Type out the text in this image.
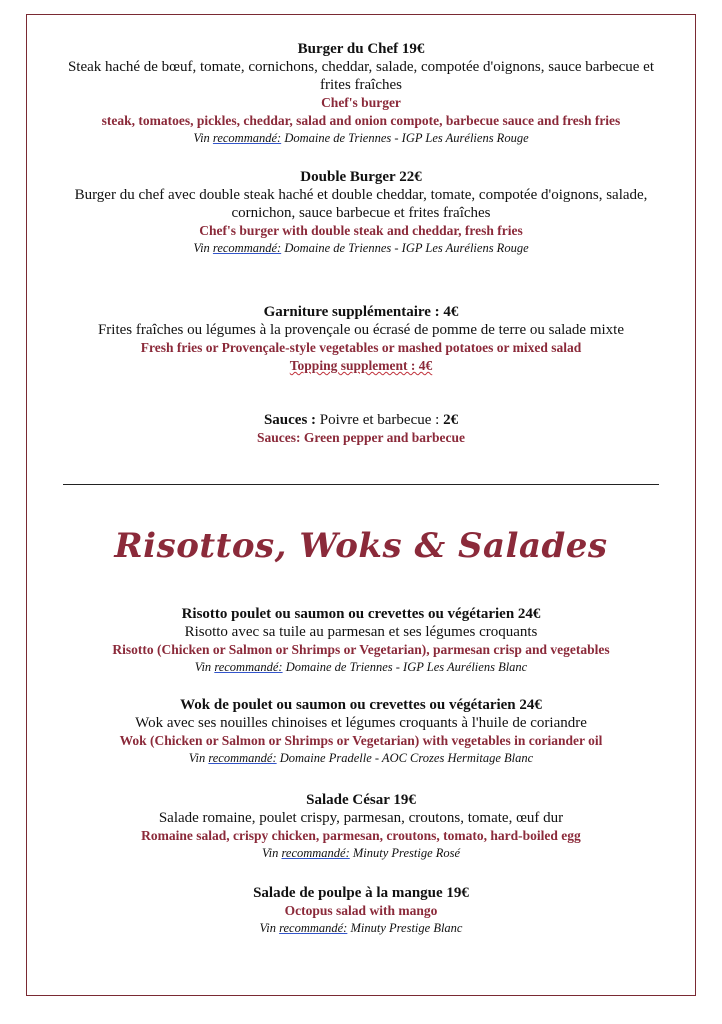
Burger du Chef 19€
Steak haché de bœuf, tomate, cornichons, cheddar, salade, compotée d'oignons, sauce barbecue et frites fraîches
Chef's burger
steak, tomatoes, pickles, cheddar, salad and onion compote, barbecue sauce and fresh fries
Vin recommandé: Domaine de Triennes - IGP Les Auréliens Rouge
Double Burger 22€
Burger du chef avec double steak haché et double cheddar, tomate, compotée d'oignons, salade, cornichon, sauce barbecue et frites fraîches
Chef's burger with double steak and cheddar, fresh fries
Vin recommandé: Domaine de Triennes - IGP Les Auréliens Rouge
Garniture supplémentaire : 4€
Frites fraîches ou légumes à la provençale ou écrasé de pomme de terre ou salade mixte
Fresh fries or Provençale-style vegetables or mashed potatoes or mixed salad
Topping supplement : 4€
Sauces : Poivre et barbecue : 2€
Sauces: Green pepper and barbecue
Risottos, Woks & Salades
Risotto poulet ou saumon ou crevettes ou végétarien 24€
Risotto avec sa tuile au parmesan et ses légumes croquants
Risotto (Chicken or Salmon or Shrimps or Vegetarian), parmesan crisp and vegetables
Vin recommandé: Domaine de Triennes - IGP Les Auréliens Blanc
Wok de poulet ou saumon ou crevettes ou végétarien 24€
Wok avec ses nouilles chinoises et légumes croquants à l'huile de coriandre
Wok (Chicken or Salmon or Shrimps or Vegetarian) with vegetables in coriander oil
Vin recommandé: Domaine Pradelle - AOC Crozes Hermitage Blanc
Salade César 19€
Salade romaine, poulet crispy, parmesan, croutons, tomate, œuf dur
Romaine salad, crispy chicken, parmesan, croutons, tomato, hard-boiled egg
Vin recommandé: Minuty Prestige Rosé
Salade de poulpe à la mangue 19€
Octopus salad with mango
Vin recommandé: Minuty Prestige Blanc
